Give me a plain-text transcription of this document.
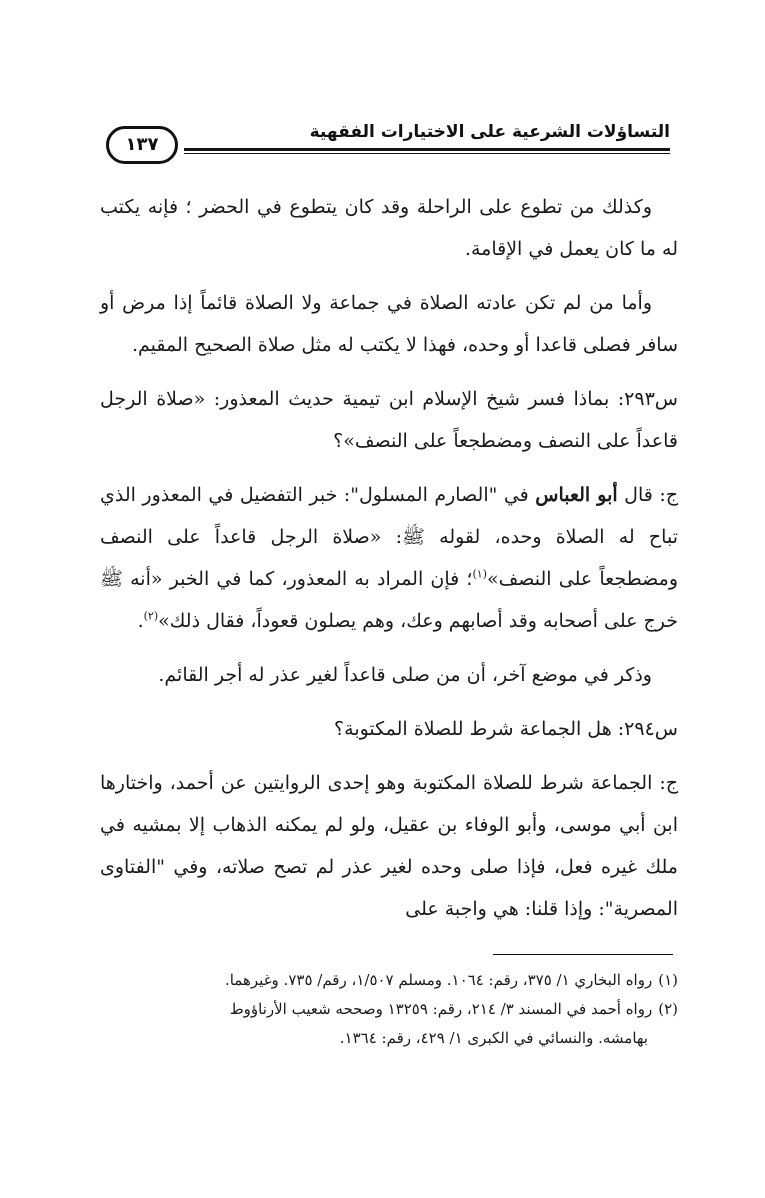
التساؤلات الشرعية على الاختيارات الفقهية
١٣٧

وكذلك من تطوع على الراحلة وقد كان يتطوع في الحضر ؛ فإنه يكتب له ما كان يعمل في الإقامة.

وأما من لم تكن عادته الصلاة في جماعة ولا الصلاة قائماً إذا مرض أو سافر فصلى قاعدا أو وحده، فهذا لا يكتب له مثل صلاة الصحيح المقيم.

س٢٩٣: بماذا فسر شيخ الإسلام ابن تيمية حديث المعذور: «صلاة الرجل قاعداً على النصف ومضطجعاً على النصف»؟

ج: قال أبو العباس في "الصارم المسلول": خبر التفضيل في المعذور الذي تباح له الصلاة وحده، لقوله ﷺ: «صلاة الرجل قاعداً على النصف ومضطجعاً على النصف»$^{(١)}$؛ فإن المراد به المعذور، كما في الخبر «أنه ﷺ خرج على أصحابه وقد أصابهم وعك، وهم يصلون قعوداً، فقال ذلك»$^{(٢)}$.

وذكر في موضع آخر، أن من صلى قاعداً لغير عذر له أجر القائم.

س٢٩٤: هل الجماعة شرط للصلاة المكتوبة؟

ج: الجماعة شرط للصلاة المكتوبة وهو إحدى الروايتين عن أحمد، واختارها ابن أبي موسى، وأبو الوفاء بن عقيل، ولو لم يمكنه الذهاب إلا بمشيه في ملك غيره فعل، فإذا صلى وحده لغير عذر لم تصح صلاته، وفي "الفتاوى المصرية": وإذا قلنا: هي واجبة على

(١)رواه البخاري ١/ ٣٧٥، رقم: ١٠٦٤. ومسلم ١/٥٠٧، رقم/ ٧٣٥. وغيرهما.

(٢)رواه أحمد في المسند ٣/ ٢١٤، رقم: ١٣٢٥٩ وصححه شعيب الأرناؤوط
بهامشه. والنسائي في الكبرى ١/ ٤٢٩، رقم: ١٣٦٤.
